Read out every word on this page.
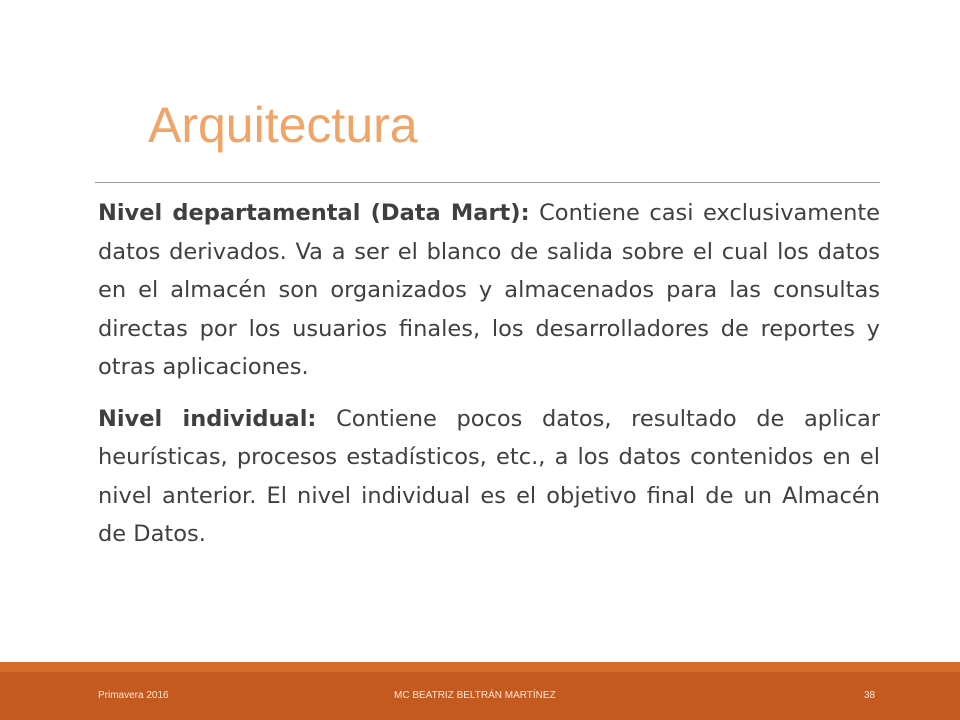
Arquitectura

Nivel departamental (Data Mart): Contiene casi exclusivamente datos derivados. Va a ser el blanco de salida sobre el cual los datos en el almacén son organizados y almacenados para las consultas directas por los usuarios finales, los desarrolladores de reportes y otras aplicaciones.

Nivel individual: Contiene pocos datos, resultado de aplicar heurísticas, procesos estadísticos, etc., a los datos contenidos en el nivel anterior. El nivel individual es el objetivo final de un Almacén de Datos.

Primavera 2016	MC BEATRIZ BELTRÁN MARTÍNEZ	38
